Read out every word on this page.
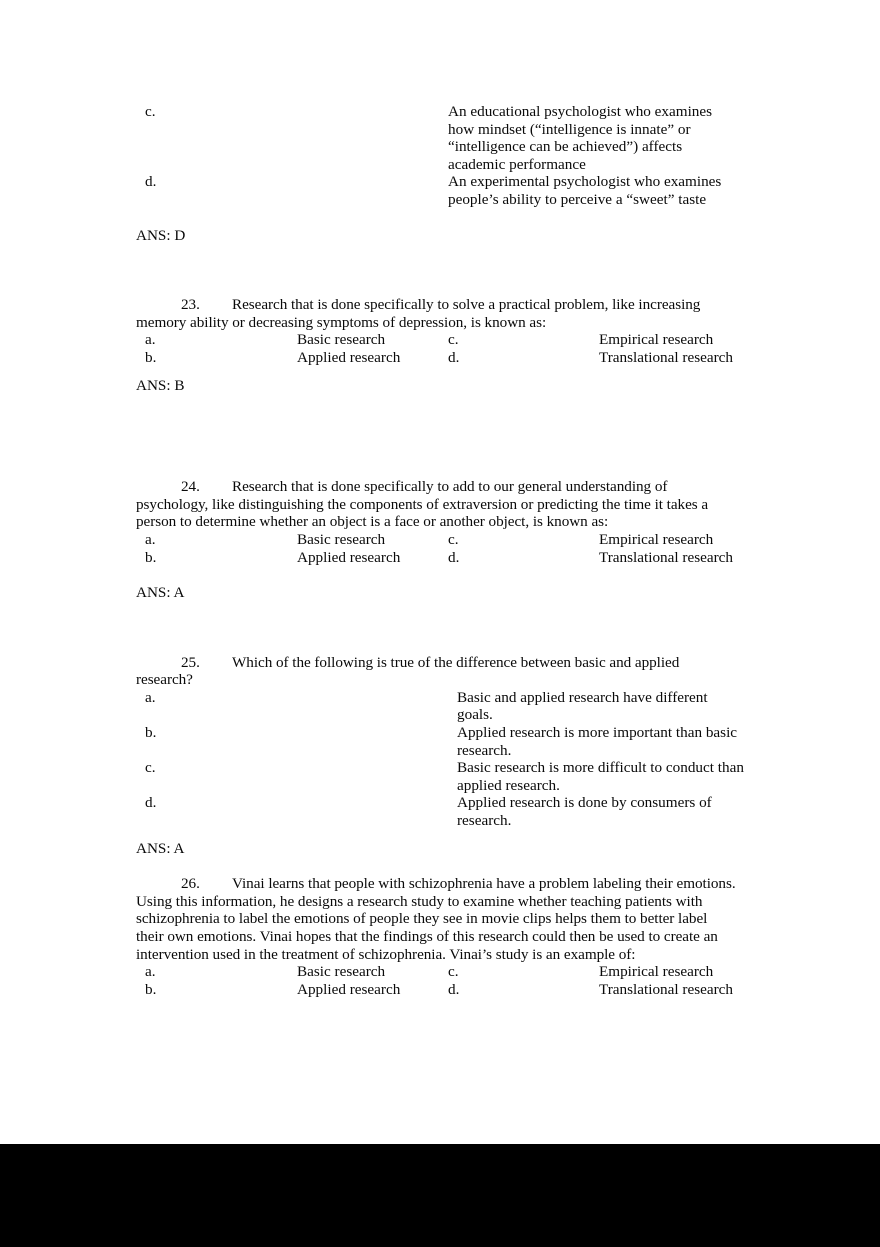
c.		An educational psychologist who examines how mindset (“intelligence is innate” or “intelligence can be achieved”) affects academic performance
d.		An experimental psychologist who examines people’s ability to perceive a “sweet” taste

ANS: D

23. Research that is done specifically to solve a practical problem, like increasing memory ability or decreasing symptoms of depression, is known as:

a.	Basic research	c.	Empirical research
b.	Applied research	d.	Translational research

ANS: B

24. Research that is done specifically to add to our general understanding of psychology, like distinguishing the components of extraversion or predicting the time it takes a person to determine whether an object is a face or another object, is known as:

a.	Basic research	c.	Empirical research
b.	Applied research	d.	Translational research

ANS: A

25. Which of the following is true of the difference between basic and applied research?

a.	Basic and applied research have different goals.
b.	Applied research is more important than basic research.
c.	Basic research is more difficult to conduct than applied research.
d.	Applied research is done by consumers of research.

ANS: A

26. Vinai learns that people with schizophrenia have a problem labeling their emotions. Using this information, he designs a research study to examine whether teaching patients with schizophrenia to label the emotions of people they see in movie clips helps them to better label their own emotions. Vinai hopes that the findings of this research could then be used to create an intervention used in the treatment of schizophrenia. Vinai’s study is an example of:

a.	Basic research	c.	Empirical research
b.	Applied research	d.	Translational research
